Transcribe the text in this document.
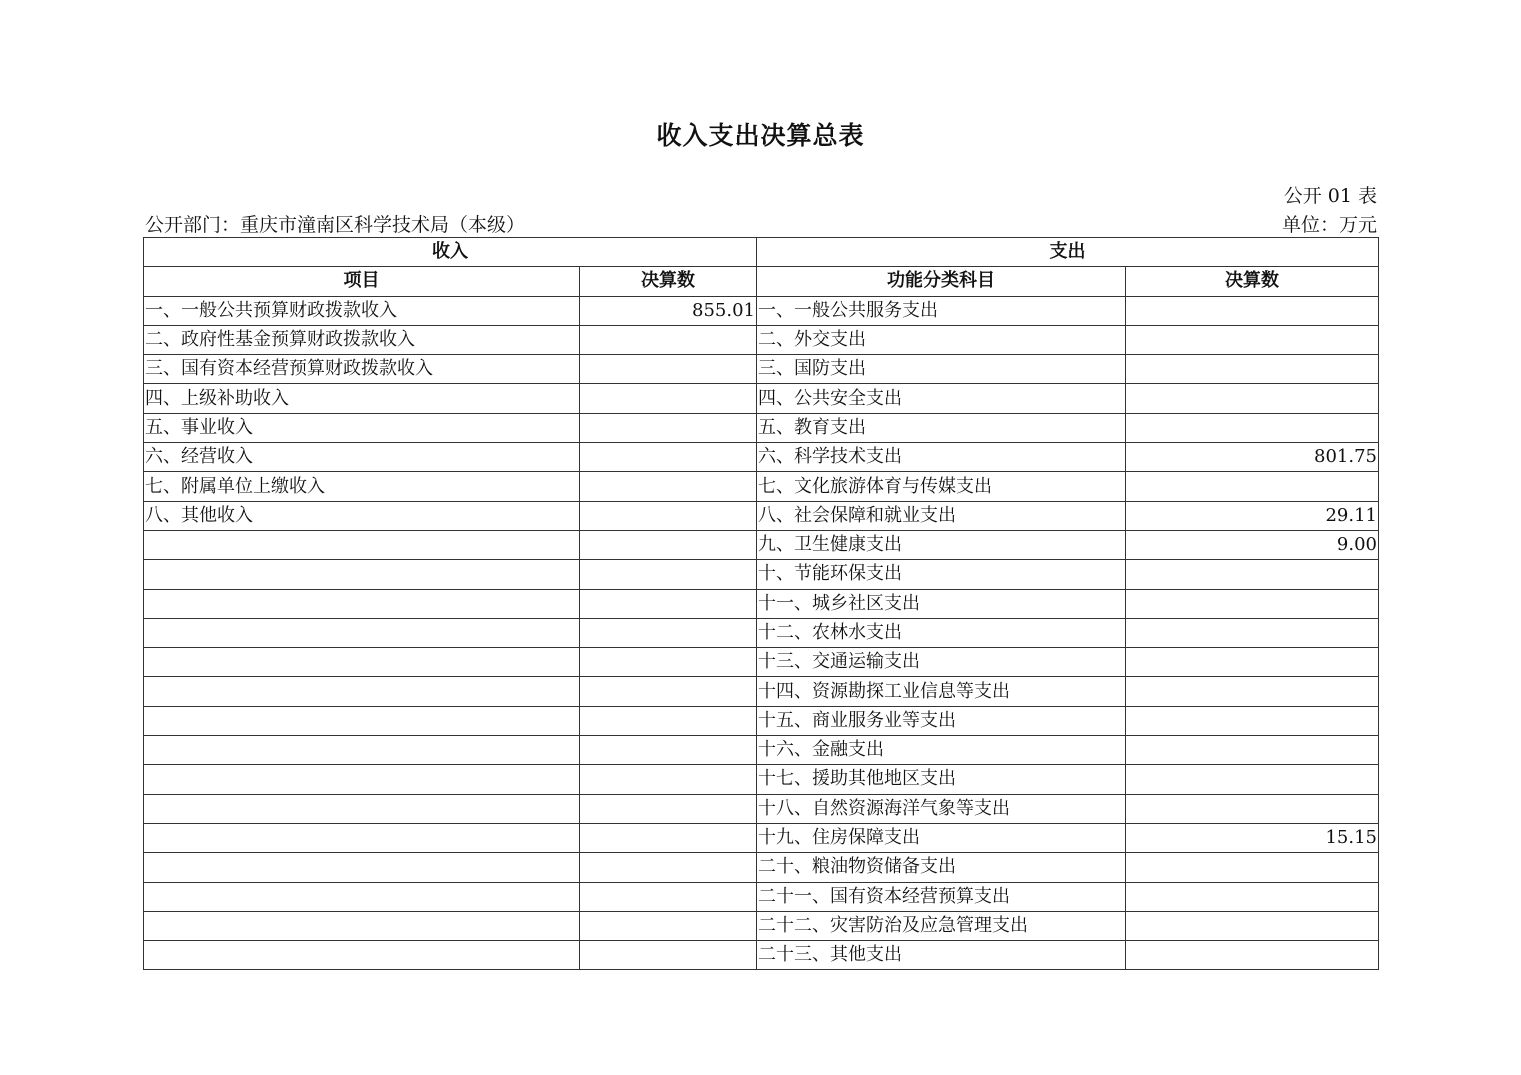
收入支出决算总表
公开 01 表
公开部门：重庆市潼南区科学技术局（本级）	单位：万元
收入		支出	
项目	决算数	功能分类科目	决算数
一、一般公共预算财政拨款收入	855.01	一、一般公共服务支出	
二、政府性基金预算财政拨款收入		二、外交支出	
三、国有资本经营预算财政拨款收入		三、国防支出	
四、上级补助收入		四、公共安全支出	
五、事业收入		五、教育支出	
六、经营收入		六、科学技术支出	801.75
七、附属单位上缴收入		七、文化旅游体育与传媒支出	
八、其他收入		八、社会保障和就业支出	29.11
		九、卫生健康支出	9.00
		十、节能环保支出	
		十一、城乡社区支出	
		十二、农林水支出	
		十三、交通运输支出	
		十四、资源勘探工业信息等支出	
		十五、商业服务业等支出	
		十六、金融支出	
		十七、援助其他地区支出	
		十八、自然资源海洋气象等支出	
		十九、住房保障支出	15.15
		二十、粮油物资储备支出	
		二十一、国有资本经营预算支出	
		二十二、灾害防治及应急管理支出	
		二十三、其他支出	
